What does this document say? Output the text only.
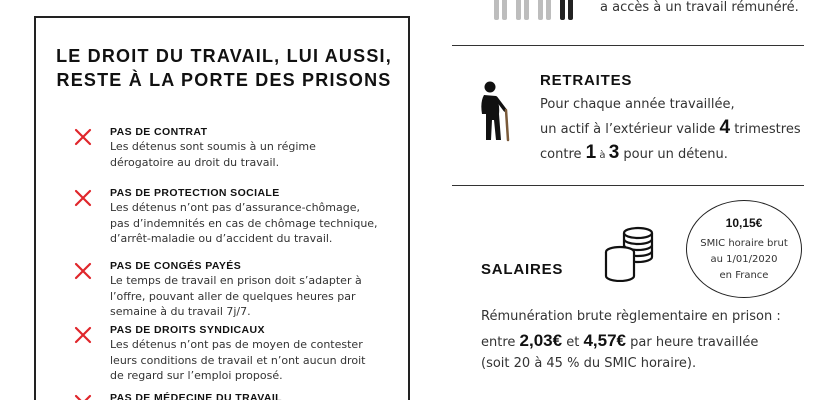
LE DROIT DU TRAVAIL, LUI AUSSI,
RESTE À LA PORTE DES PRISONS
PAS DE CONTRAT
Les détenus sont soumis à un régime
dérogatoire au droit du travail.
PAS DE PROTECTION SOCIALE
Les détenus n’ont pas d’assurance-chômage,
pas d’indemnités en cas de chômage technique,
d’arrêt-maladie ou d’accident du travail.
PAS DE CONGÉS PAYÉS
Le temps de travail en prison doit s’adapter à
l’offre, pouvant aller de quelques heures par
semaine à du travail 7j/7.
PAS DE DROITS SYNDICAUX
Les détenus n’ont pas de moyen de contester
leurs conditions de travail et n’ont aucun droit
de regard sur l’emploi proposé.
PAS DE MÉDECINE DU TRAVAIL
a accès à un travail rémunéré.
RETRAITES
Pour chaque année travaillée,
un actif à l’extérieur valide 4 trimestres
contre 1 à 3 pour un détenu.
SALAIRES
10,15€
SMIC horaire brut
au 1/01/2020
en France
Rémunération brute règlementaire en prison :
entre 2,03€ et 4,57€ par heure travaillée
(soit 20 à 45 % du SMIC horaire).
